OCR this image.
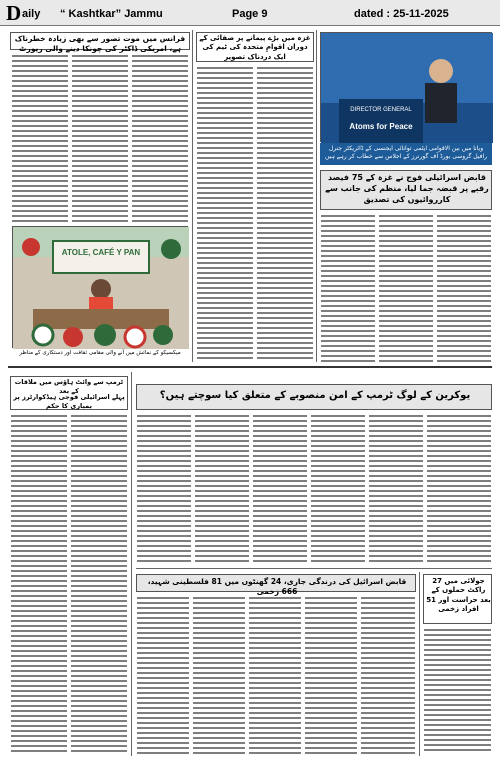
D aily “ Kashtkar” Jammu	Page 9	dated : 25-11-2025
فرانس میں موت تصور سے بھی زیادہ خطرناک ہے، امریکی ڈاکٹر کی چونکا دینے والی رپورٹ
ATOLE, CAFÉ Y PAN
میکسیکو کے نمائش میں آنے والی مقامی ثقافت اور دستکاری کے مناظر
غزہ میں بڑے پیمانے پر صفائی کے دوران اقوامِ متحدہ کی ٹیم کی ایک دردناک تصویر
DIRECTOR GENERAL
Atoms for Peace
ویانا میں بین الاقوامی ایٹمی توانائی ایجنسی کے ڈائریکٹر جنرل رافیل گروسی بورڈ آف گورنرز کے اجلاس سے خطاب کر رہے ہیں
قابض اسرائیلی فوج نے غزہ کے 75 فیصد رقبے پر قبضہ جما لیا، منظم کی جانب سے کارروائیوں کی تصدیق
ٹرمپ سے وائٹ ہاؤس میں ملاقات کے بعد
پہلے اسرائیلی فوجی ہیڈکوارٹرز پر بمباری کا حکم
یوکرین کے لوگ ٹرمپ کے امن منصوبے کے متعلق کیا سوچتے ہیں؟
قابض اسرائیل کی درندگی جاری، 24 گھنٹوں میں 81 فلسطینی شہید، 666 زخمی
جولائی میں 27 راکٹ حملوں کے بعد حراست اور 51 افراد زخمی
